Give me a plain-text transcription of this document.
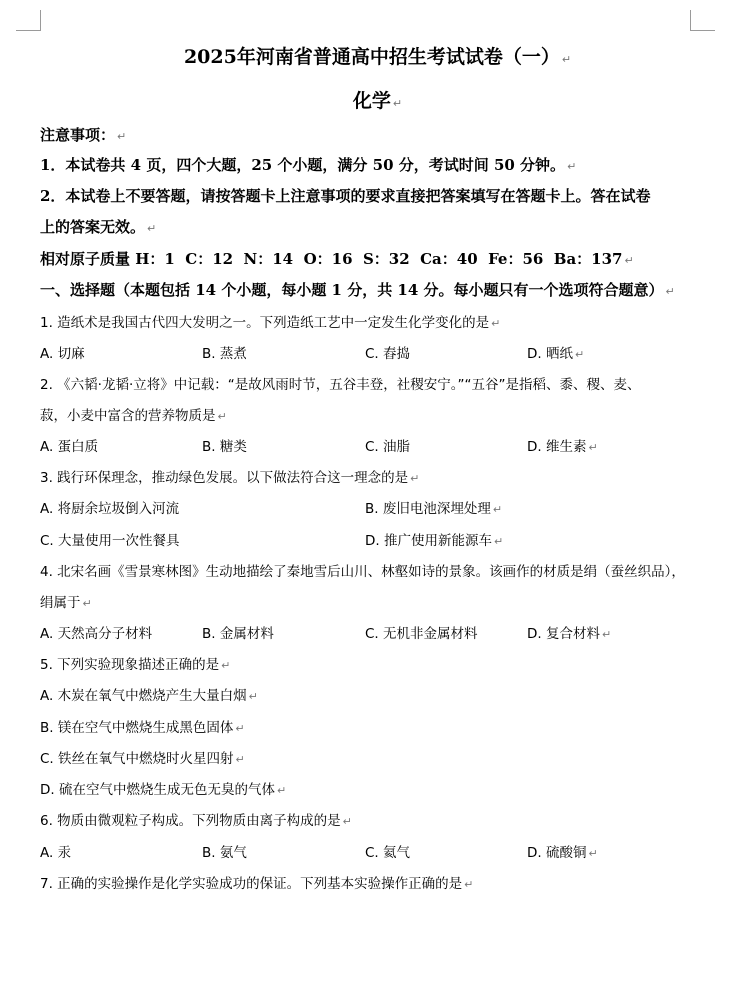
2025年河南省普通高中招生考试试卷（一） ↵
化学 ↵
注意事项： ↵
1．本试卷共 4 页，四个大题，25 个小题，满分 50 分，考试时间 50 分钟。 ↵
2．本试卷上不要答题，请按答题卡上注意事项的要求直接把答案填写在答题卡上。答在试卷
上的答案无效。 ↵
相对原子质量 H：1  C：12  N：14  O：16  S：32  Ca：40  Fe：56  Ba：137 ↵
一、选择题（本题包括 14 个小题，每小题 1 分，共 14 分。每小题只有一个选项符合题意） ↵
1. 造纸术是我国古代四大发明之一。下列造纸工艺中一定发生化学变化的是 ↵
A. 切麻	B. 蒸煮	C. 舂捣	D. 晒纸 ↵
2. 《六韬·龙韬·立将》中记载：“是故风雨时节，五谷丰登，社稷安宁。”“五谷”是指稻、黍、稷、麦、
菽，小麦中富含的营养物质是 ↵
A. 蛋白质	B. 糖类	C. 油脂	D. 维生素 ↵
3. 践行环保理念，推动绿色发展。以下做法符合这一理念的是 ↵
A. 将厨余垃圾倒入河流	B. 废旧电池深埋处理 ↵
C. 大量使用一次性餐具	D. 推广使用新能源车 ↵
4. 北宋名画《雪景寒林图》生动地描绘了秦地雪后山川、林壑如诗的景象。该画作的材质是绢（蚕丝织品），
绢属于 ↵
A. 天然高分子材料	B. 金属材料	C. 无机非金属材料	D. 复合材料 ↵
5. 下列实验现象描述正确的是 ↵
A. 木炭在氧气中燃烧产生大量白烟 ↵
B. 镁在空气中燃烧生成黑色固体 ↵
C. 铁丝在氧气中燃烧时火星四射 ↵
D. 硫在空气中燃烧生成无色无臭的气体 ↵
6. 物质由微观粒子构成。下列物质由离子构成的是 ↵
A. 汞	B. 氨气	C. 氦气	D. 硫酸铜 ↵
7. 正确的实验操作是化学实验成功的保证。下列基本实验操作正确的是 ↵
